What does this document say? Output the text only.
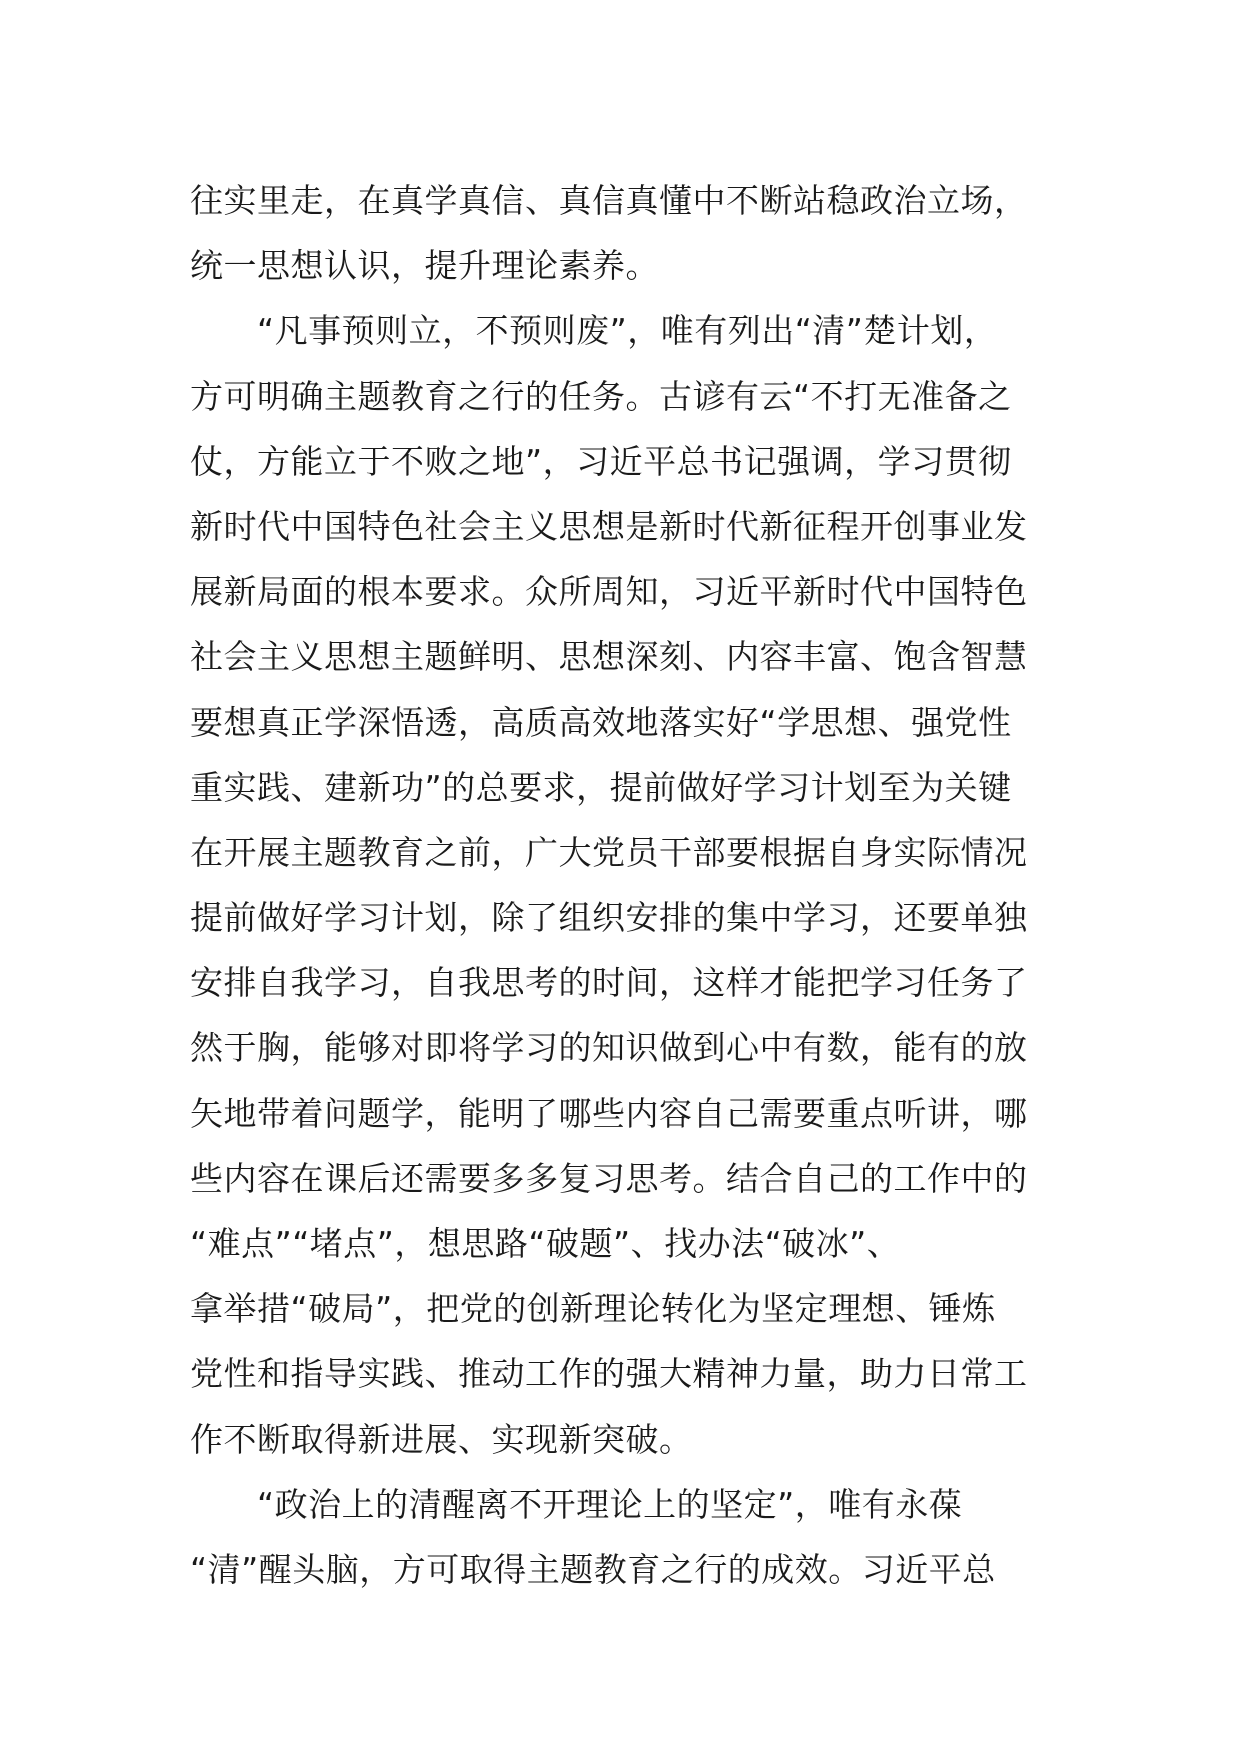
往实里走，在真学真信、真信真懂中不断站稳政治立场，
统一思想认识，提升理论素养。
　　“凡事预则立，不预则废”，唯有列出“清”楚计划，
方可明确主题教育之行的任务。古谚有云“不打无准备之
仗，方能立于不败之地”，习近平总书记强调，学习贯彻
新时代中国特色社会主义思想是新时代新征程开创事业发
展新局面的根本要求。众所周知，习近平新时代中国特色
社会主义思想主题鲜明、思想深刻、内容丰富、饱含智慧
要想真正学深悟透，高质高效地落实好“学思想、强党性
重实践、建新功”的总要求，提前做好学习计划至为关键
在开展主题教育之前，广大党员干部要根据自身实际情况
提前做好学习计划，除了组织安排的集中学习，还要单独
安排自我学习，自我思考的时间，这样才能把学习任务了
然于胸，能够对即将学习的知识做到心中有数，能有的放
矢地带着问题学，能明了哪些内容自己需要重点听讲，哪
些内容在课后还需要多多复习思考。结合自己的工作中的
“难点”“堵点”，想思路“破题”、找办法“破冰”、
拿举措“破局”，把党的创新理论转化为坚定理想、锤炼
党性和指导实践、推动工作的强大精神力量，助力日常工
作不断取得新进展、实现新突破。
　　“政治上的清醒离不开理论上的坚定”，唯有永葆
“清”醒头脑，方可取得主题教育之行的成效。习近平总
